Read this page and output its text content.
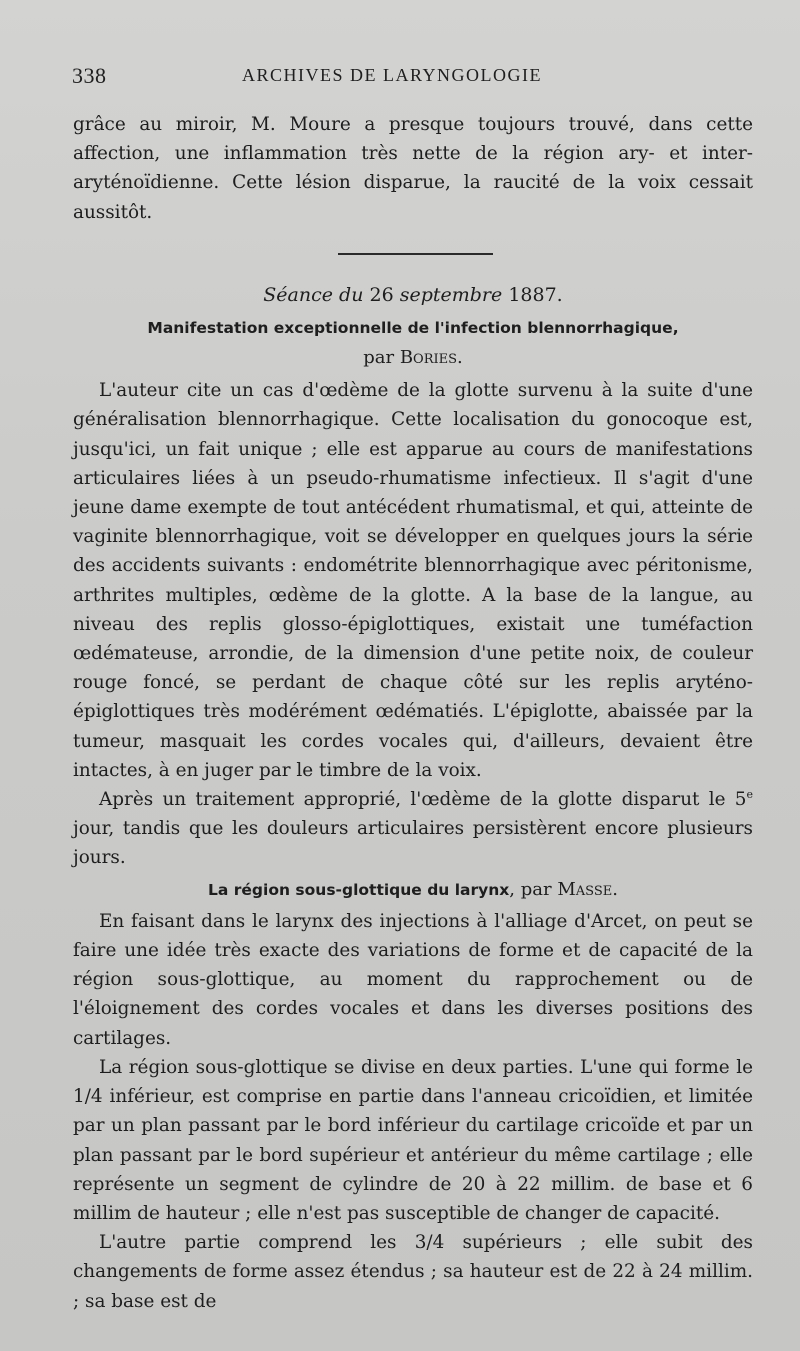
338	ARCHIVES DE LARYNGOLOGIE

grâce au miroir, M. Moure a presque toujours trouvé, dans cette affection, une inflammation très nette de la région ary- et inter-aryténoïdienne. Cette lésion disparue, la raucité de la voix cessait aussitôt.

Séance du 26 septembre 1887.
Manifestation exceptionnelle de l'infection blennorrhagique,
par Bories.

L'auteur cite un cas d'œdème de la glotte survenu à la suite d'une généralisation blennorrhagique. Cette localisation du gonocoque est, jusqu'ici, un fait unique ; elle est apparue au cours de manifestations articulaires liées à un pseudo-rhumatisme infectieux. Il s'agit d'une jeune dame exempte de tout antécédent rhumatismal, et qui, atteinte de vaginite blennorrhagique, voit se développer en quelques jours la série des accidents suivants : endométrite blennorrhagique avec péritonisme, arthrites multiples, œdème de la glotte. A la base de la langue, au niveau des replis glosso-épiglottiques, existait une tuméfaction œdémateuse, arrondie, de la dimension d'une petite noix, de couleur rouge foncé, se perdant de chaque côté sur les replis aryténo-épiglottiques très modérément œdématiés. L'épiglotte, abaissée par la tumeur, masquait les cordes vocales qui, d'ailleurs, devaient être intactes, à en juger par le timbre de la voix.

Après un traitement approprié, l'œdème de la glotte disparut le 5e jour, tandis que les douleurs articulaires persistèrent encore plusieurs jours.

La région sous-glottique du larynx, par Masse.

En faisant dans le larynx des injections à l'alliage d'Arcet, on peut se faire une idée très exacte des variations de forme et de capacité de la région sous-glottique, au moment du rapprochement ou de l'éloignement des cordes vocales et dans les diverses positions des cartilages.

La région sous-glottique se divise en deux parties. L'une qui forme le 1/4 inférieur, est comprise en partie dans l'anneau cricoïdien, et limitée par un plan passant par le bord inférieur du cartilage cricoïde et par un plan passant par le bord supérieur et antérieur du même cartilage ; elle représente un segment de cylindre de 20 à 22 millim. de base et 6 millim de hauteur ; elle n'est pas susceptible de changer de capacité.

L'autre partie comprend les 3/4 supérieurs ; elle subit des changements de forme assez étendus ; sa hauteur est de 22 à 24 millim. ; sa base est de
